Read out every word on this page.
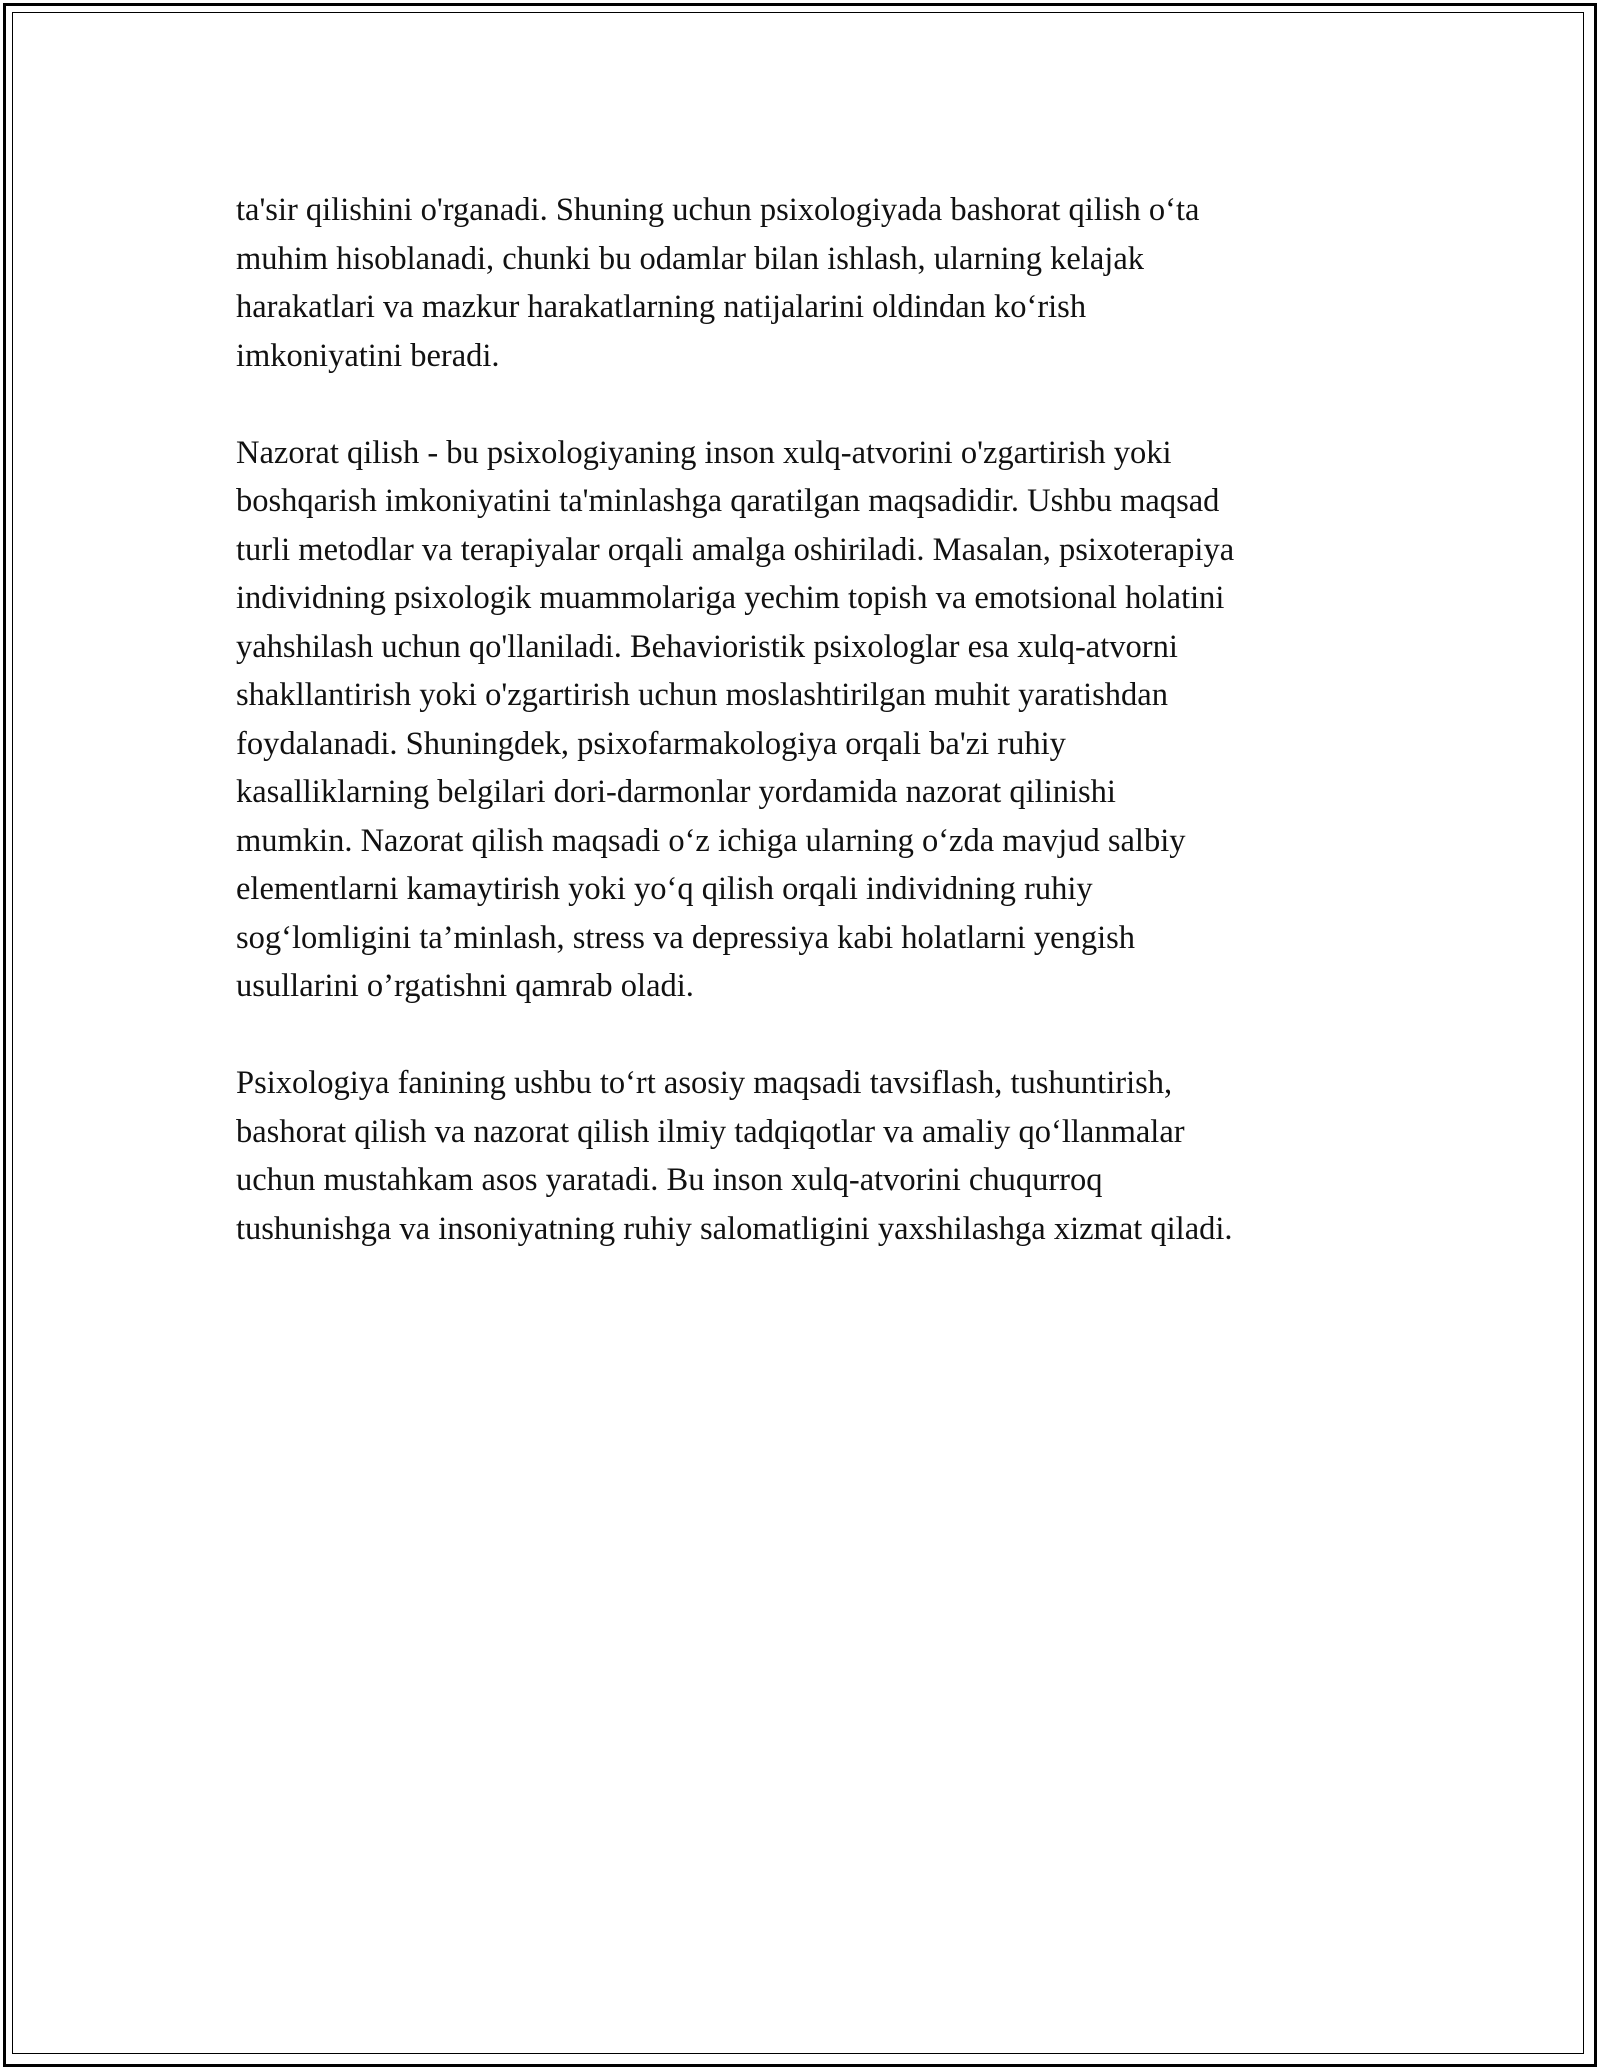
ta'sir qilishini o'rganadi. Shuning uchun psixologiyada bashorat qilish o‘ta
muhim hisoblanadi, chunki bu odamlar bilan ishlash, ularning kelajak
harakatlari va mazkur harakatlarning natijalarini oldindan ko‘rish
imkoniyatini beradi.

Nazorat qilish - bu psixologiyaning inson xulq-atvorini o'zgartirish yoki
boshqarish imkoniyatini ta'minlashga qaratilgan maqsadidir. Ushbu maqsad
turli metodlar va terapiyalar orqali amalga oshiriladi. Masalan, psixoterapiya
individning psixologik muammolariga yechim topish va emotsional holatini
yahshilash uchun qo'llaniladi. Behavioristik psixologlar esa xulq-atvorni
shakllantirish yoki o'zgartirish uchun moslashtirilgan muhit yaratishdan
foydalanadi. Shuningdek, psixofarmakologiya orqali ba'zi ruhiy
kasalliklarning belgilari dori-darmonlar yordamida nazorat qilinishi
mumkin. Nazorat qilish maqsadi o‘z ichiga ularning o‘zda mavjud salbiy
elementlarni kamaytirish yoki yo‘q qilish orqali individning ruhiy
sog‘lomligini ta’minlash, stress va depressiya kabi holatlarni yengish
usullarini o’rgatishni qamrab oladi.

Psixologiya fanining ushbu to‘rt asosiy maqsadi tavsiflash, tushuntirish,
bashorat qilish va nazorat qilish ilmiy tadqiqotlar va amaliy qo‘llanmalar
uchun mustahkam asos yaratadi. Bu inson xulq-atvorini chuqurroq
tushunishga va insoniyatning ruhiy salomatligini yaxshilashga xizmat qiladi.
